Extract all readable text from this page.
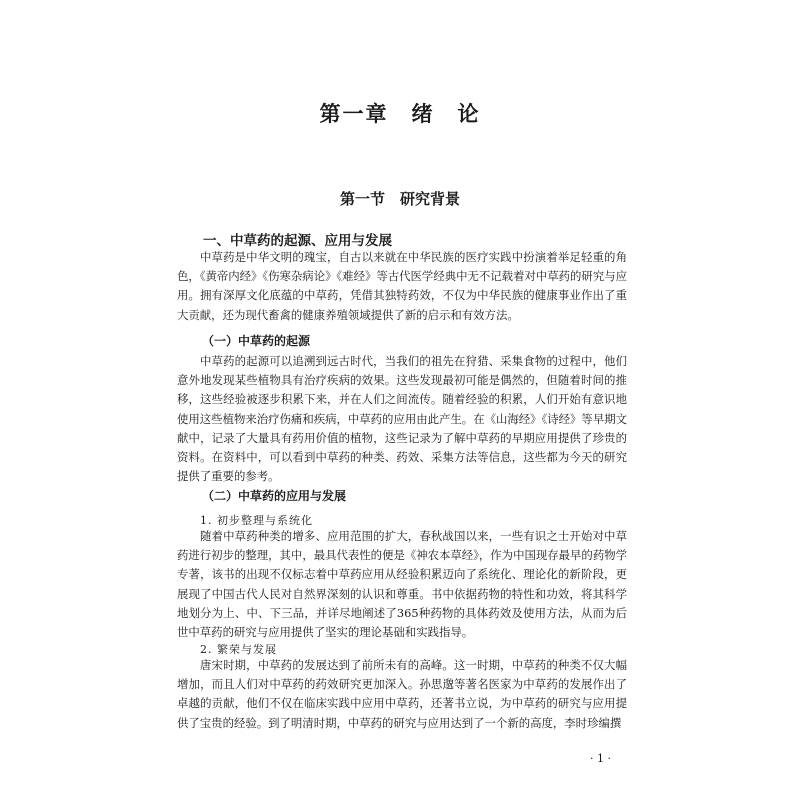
第一章　绪　论
第一节　研究背景
一、中草药的起源、应用与发展

中草药是中华文明的瑰宝，自古以来就在中华民族的医疗实践中扮演着举足轻重的角色，《黄帝内经》《伤寒杂病论》《难经》等古代医学经典中无不记载着对中草药的研究与应用。拥有深厚文化底蕴的中草药，凭借其独特药效，不仅为中华民族的健康事业作出了重大贡献，还为现代畜禽的健康养殖领域提供了新的启示和有效方法。

（一）中草药的起源

中草药的起源可以追溯到远古时代，当我们的祖先在狩猎、采集食物的过程中，他们意外地发现某些植物具有治疗疾病的效果。这些发现最初可能是偶然的，但随着时间的推移，这些经验被逐步积累下来，并在人们之间流传。随着经验的积累，人们开始有意识地使用这些植物来治疗伤痛和疾病，中草药的应用由此产生。在《山海经》《诗经》等早期文献中，记录了大量具有药用价值的植物，这些记录为了解中草药的早期应用提供了珍贵的资料。在资料中，可以看到中草药的种类、药效、采集方法等信息，这些都为今天的研究提供了重要的参考。

（二）中草药的应用与发展
1. 初步整理与系统化

随着中草药种类的增多、应用范围的扩大，春秋战国以来，一些有识之士开始对中草药进行初步的整理，其中，最具代表性的便是《神农本草经》，作为中国现存最早的药物学专著，该书的出现不仅标志着中草药应用从经验积累迈向了系统化、理论化的新阶段，更展现了中国古代人民对自然界深刻的认识和尊重。书中依据药物的特性和功效，将其科学地划分为上、中、下三品，并详尽地阐述了365种药物的具体药效及使用方法，从而为后世中草药的研究与应用提供了坚实的理论基础和实践指导。

2. 繁荣与发展

唐宋时期，中草药的发展达到了前所未有的高峰。这一时期，中草药的种类不仅大幅增加，而且人们对中草药的药效研究更加深入。孙思邈等著名医家为中草药的发展作出了卓越的贡献，他们不仅在临床实践中应用中草药，还著书立说，为中草药的研究与应用提供了宝贵的经验。到了明清时期，中草药的研究与应用达到了一个新的高度，李时珍编撰

· 1 ·
